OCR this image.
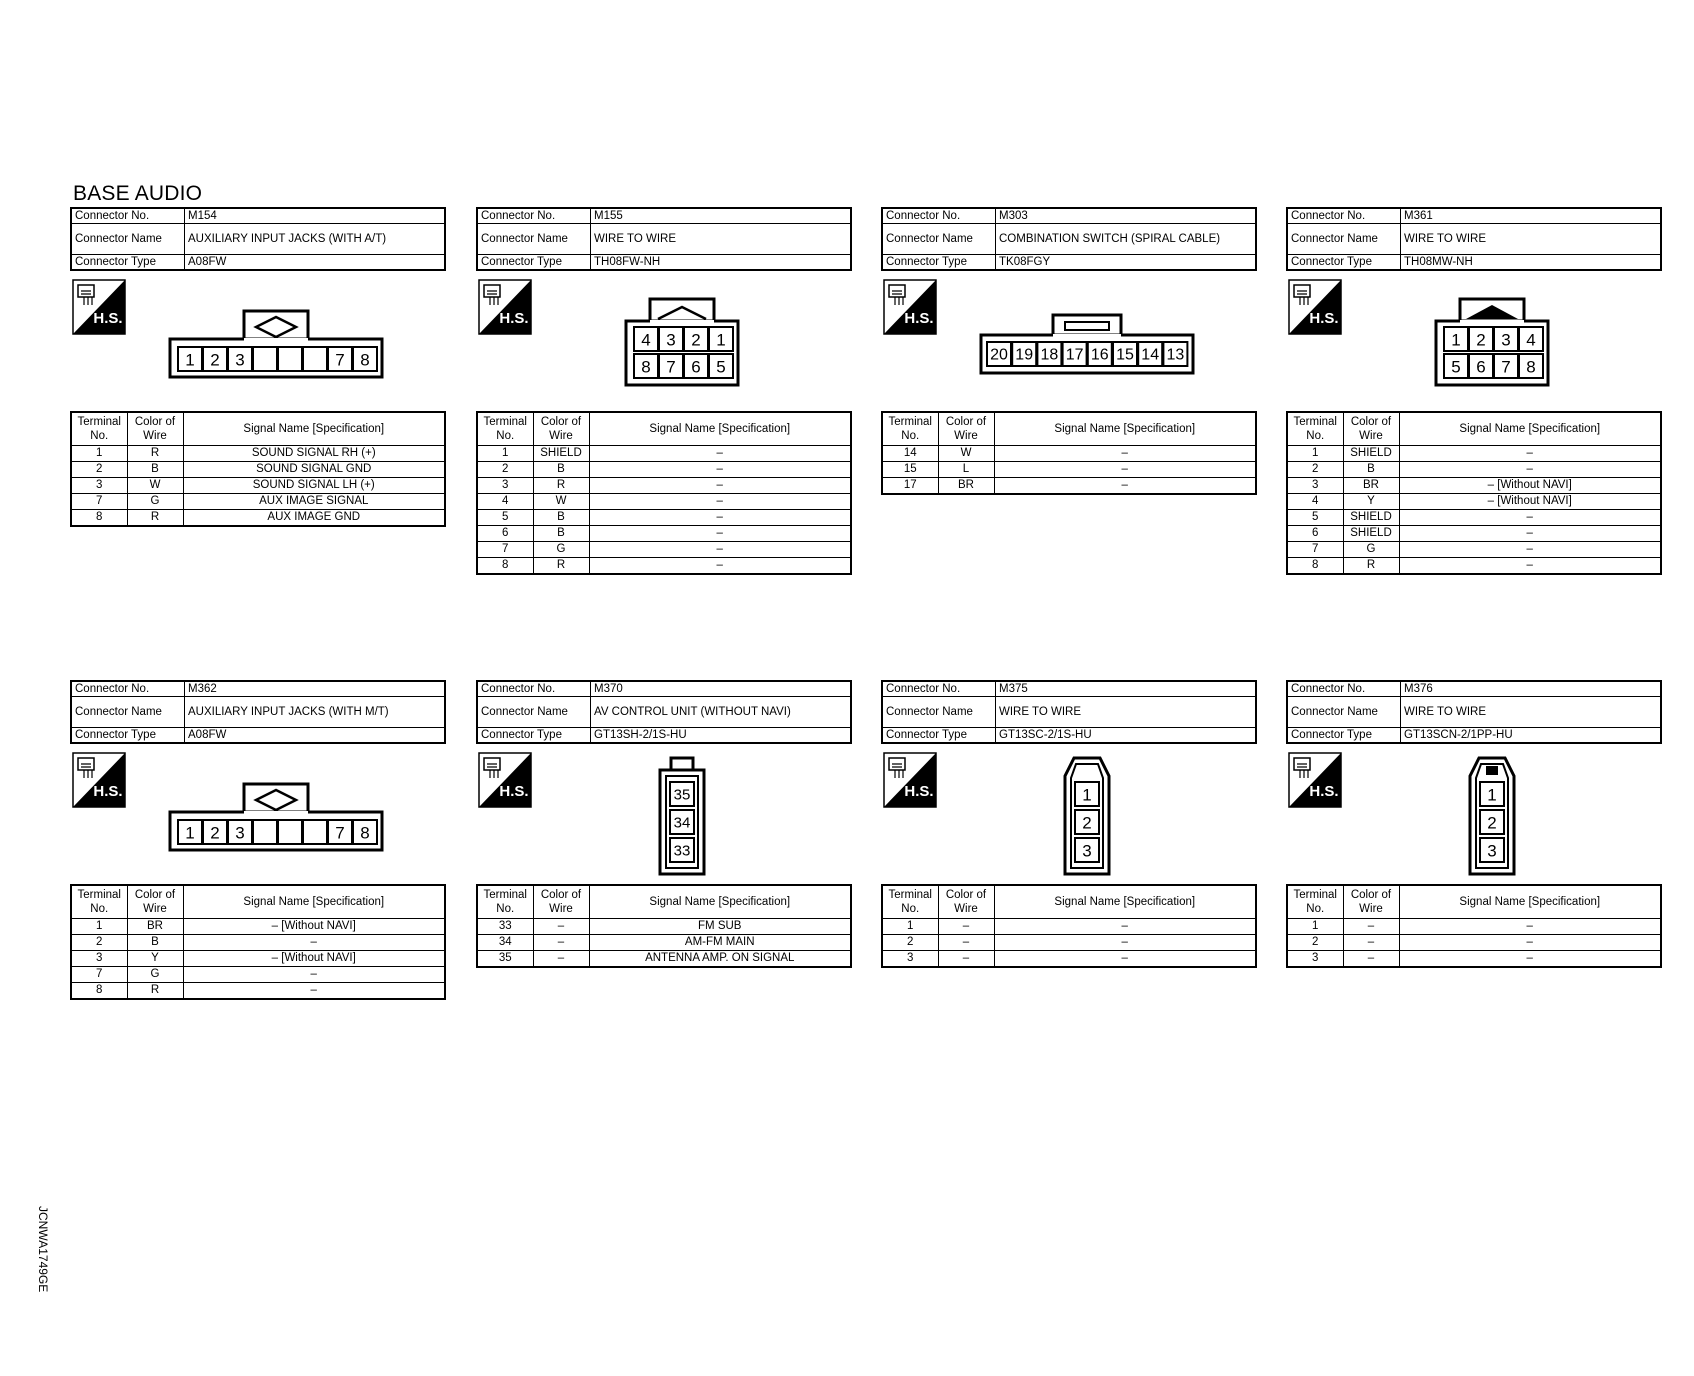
BASE AUDIO
Connector No.	M154
Connector Name	AUXILIARY INPUT JACKS (WITH A/T)
Connector Type	A08FW
H.S.
1 2 3	7 8
Terminal No.	Color of Wire	Signal Name [Specification]
1	R	SOUND SIGNAL RH (+)
2	B	SOUND SIGNAL GND
3	W	SOUND SIGNAL LH (+)
7	G	AUX IMAGE SIGNAL
8	R	AUX IMAGE GND
Connector No.	M155
Connector Name	WIRE TO WIRE
Connector Type	TH08FW-NH
H.S.
4 3 2 1
8 7 6 5
Terminal No.	Color of Wire	Signal Name [Specification]
1	SHIELD	–
2	B	–
3	R	–
4	W	–
5	B	–
6	B	–
7	G	–
8	R	–
Connector No.	M303
Connector Name	COMBINATION SWITCH (SPIRAL CABLE)
Connector Type	TK08FGY
H.S.
20 19 18 17 16 15 14 13
Terminal No.	Color of Wire	Signal Name [Specification]
14	W	–
15	L	–
17	BR	–
Connector No.	M361
Connector Name	WIRE TO WIRE
Connector Type	TH08MW-NH
H.S.
1 2 3 4
5 6 7 8
Terminal No.	Color of Wire	Signal Name [Specification]
1	SHIELD	–
2	B	–
3	BR	– [Without NAVI]
4	Y	– [Without NAVI]
5	SHIELD	–
6	SHIELD	–
7	G	–
8	R	–
Connector No.	M362
Connector Name	AUXILIARY INPUT JACKS (WITH M/T)
Connector Type	A08FW
H.S.
1 2 3	7 8
Terminal No.	Color of Wire	Signal Name [Specification]
1	BR	– [Without NAVI]
2	B	–
3	Y	– [Without NAVI]
7	G	–
8	R	–
Connector No.	M370
Connector Name	AV CONTROL UNIT (WITHOUT NAVI)
Connector Type	GT13SH-2/1S-HU
H.S.	35
34
33
Terminal No.	Color of Wire	Signal Name [Specification]
33	–	FM SUB
34	–	AM-FM MAIN
35	–	ANTENNA AMP. ON SIGNAL
Connector No.	M375
Connector Name	WIRE TO WIRE
Connector Type	GT13SC-2/1S-HU
H.S.	1
2
3
Terminal No.	Color of Wire	Signal Name [Specification]
1	–	–
2	–	–
3	–	–
Connector No.	M376
Connector Name	WIRE TO WIRE
Connector Type	GT13SCN-2/1PP-HU
H.S.	1
2
3
Terminal No.	Color of Wire	Signal Name [Specification]
1	–	–
2	–	–
3	–	–
JCNWA1749GE
